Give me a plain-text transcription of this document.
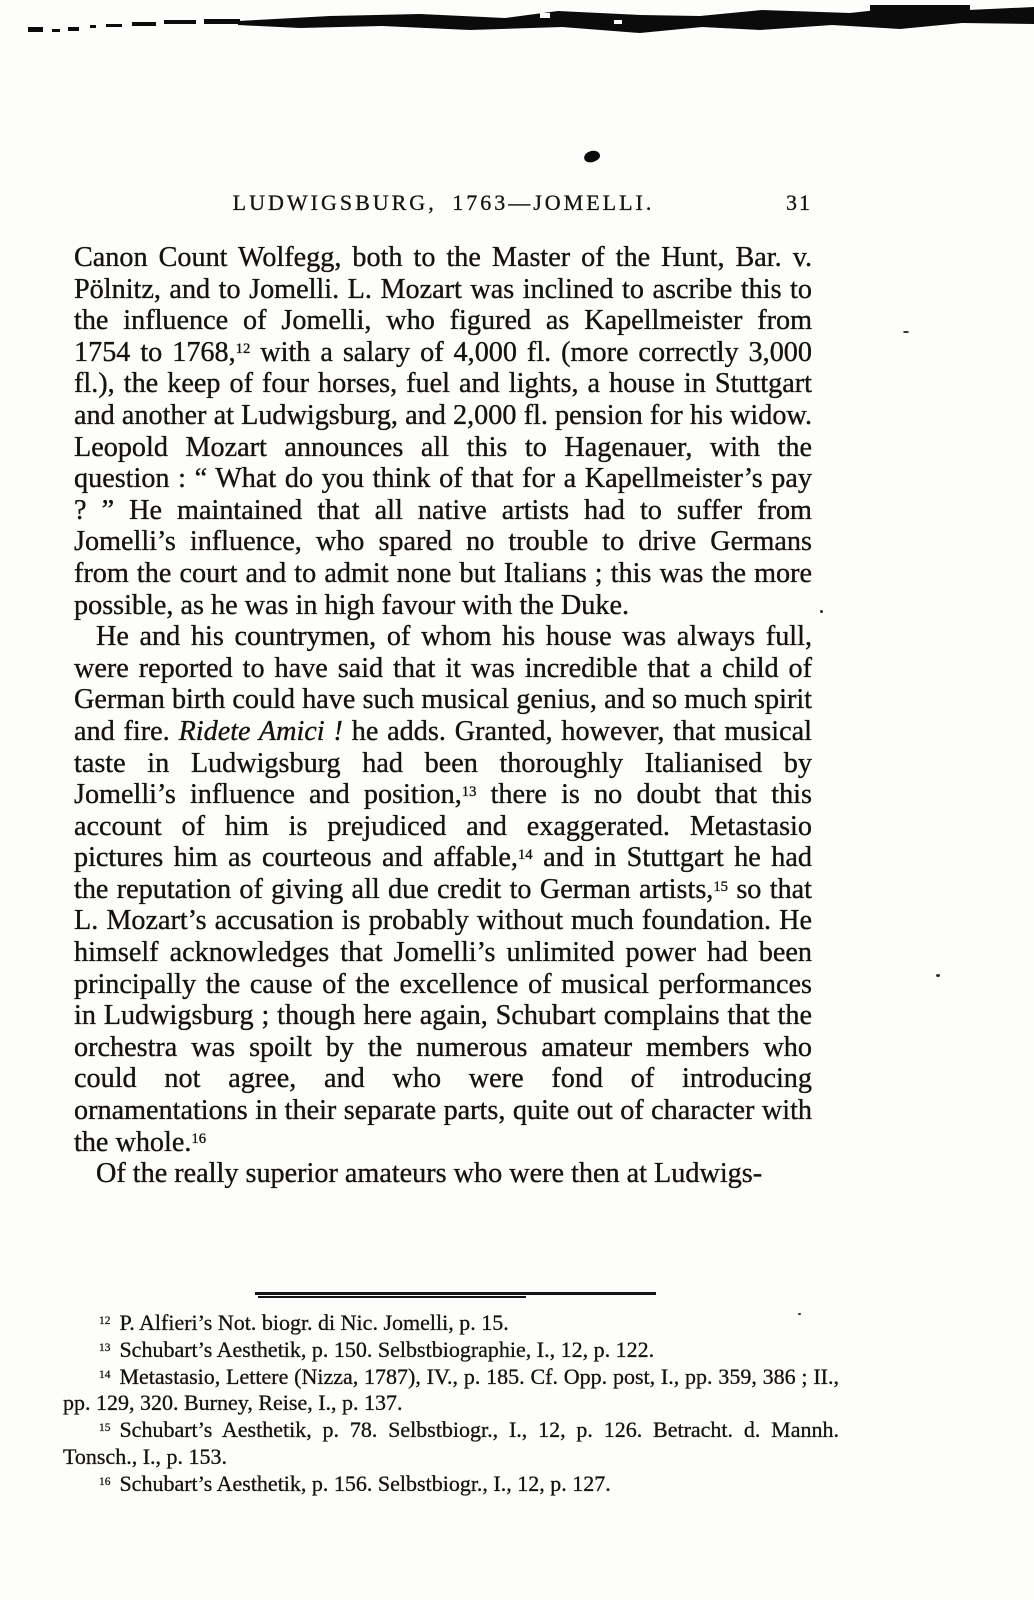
LUDWIGSBURG, 1763—JOMELLI.	31

Canon Count Wolfegg, both to the Master of the Hunt, Bar. v. Pölnitz, and to Jomelli. L. Mozart was inclined to ascribe this to the influence of Jomelli, who figured as Kapellmeister from 1754 to 1768,12 with a salary of 4,000 fl. (more correctly 3,000 fl.), the keep of four horses, fuel and lights, a house in Stuttgart and another at Ludwigsburg, and 2,000 fl. pension for his widow. Leopold Mozart announces all this to Hagenauer, with the question : “ What do you think of that for a Kapellmeister’s pay ? ” He maintained that all native artists had to suffer from Jomelli’s influence, who spared no trouble to drive Germans from the court and to admit none but Italians ; this was the more possible, as he was in high favour with the Duke.

He and his countrymen, of whom his house was always full, were reported to have said that it was incredible that a child of German birth could have such musical genius, and so much spirit and fire. Ridete Amici ! he adds. Granted, however, that musical taste in Ludwigsburg had been thoroughly Italianised by Jomelli’s influence and position,$^{13}$ there is no doubt that this account of him is prejudiced and exaggerated. Metastasio pictures him as courteous and affable,$^{14}$ and in Stuttgart he had the reputation of giving all due credit to German artists,$^{15}$ so that L. Mozart’s accusation is probably without much foundation. He himself acknowledges that Jomelli’s unlimited power had been principally the cause of the excellence of musical performances in Ludwigsburg ; though here again, Schubart complains that the orchestra was spoilt by the numerous amateur members who could not agree, and who were fond of introducing ornamentations in their separate parts, quite out of character with the whole.$^{16}$

Of the really superior amateurs who were then at Ludwigs-

$^{12}$ P. Alfieri’s Not. biogr. di Nic. Jomelli, p. 15.

$^{13}$ Schubart’s Aesthetik, p. 150. Selbstbiographie, I., 12, p. 122.

$^{14}$ Metastasio, Lettere (Nizza, 1787), IV., p. 185. Cf. Opp. post, I., pp. 359, 386 ; II., pp. 129, 320. Burney, Reise, I., p. 137.

$^{15}$ Schubart’s Aesthetik, p. 78. Selbstbiogr., I., 12, p. 126. Betracht. d. Mannh. Tonsch., I., p. 153.

$^{16}$ Schubart’s Aesthetik, p. 156. Selbstbiogr., I., 12, p. 127.
